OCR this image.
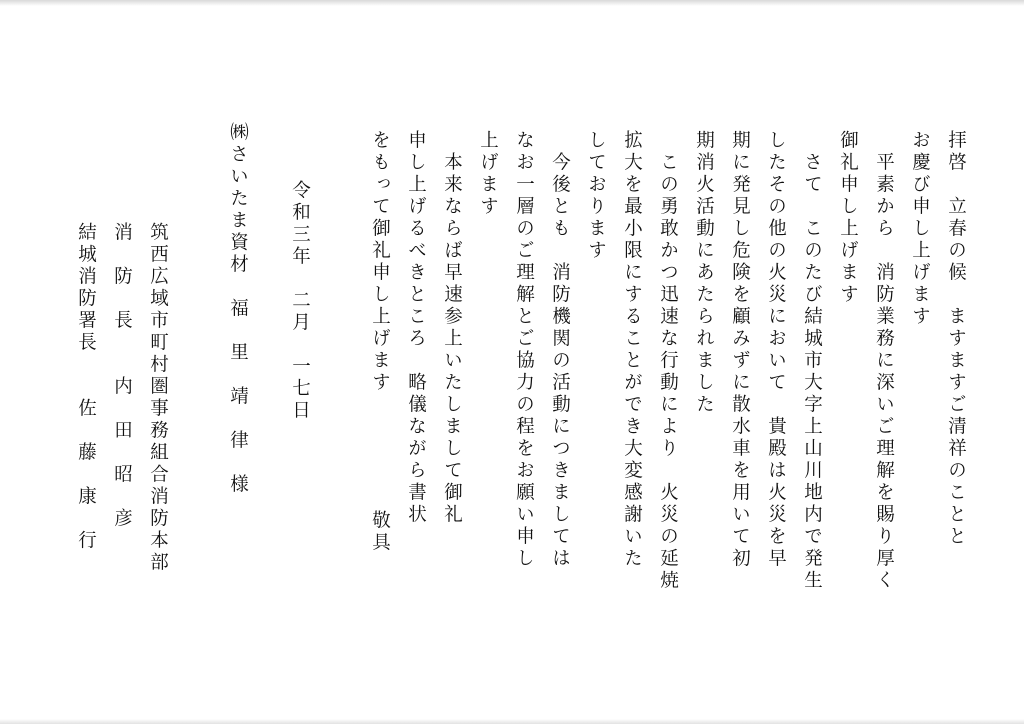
拝啓　立春の候　ますますご清祥のことと
お慶び申し上げます
　平素から　消防業務に深いご理解を賜り厚く
御礼申し上げます
　さて　このたび結城市大字上山川地内で発生
したその他の火災において　貴殿は火災を早
期に発見し危険を顧みずに散水車を用いて初
期消火活動にあたられました
　この勇敢かつ迅速な行動により　火災の延焼
拡大を最小限にすることができ大変感謝いた
しております
　今後とも　消防機関の活動につきましては
なお一層のご理解とご協力の程をお願い申し
上げます
　本来ならば早速参上いたしまして御礼
申し上げるべきところ　略儀ながら書状
をもって御礼申し上げます
敬具
令和三年　二月　一七日
㈱さいたま資材　福　里　靖　律　様
筑西広域市町村圏事務組合消防本部
消　防　長　　内　田　昭　彦
結城消防署長　　佐　藤　康　行
